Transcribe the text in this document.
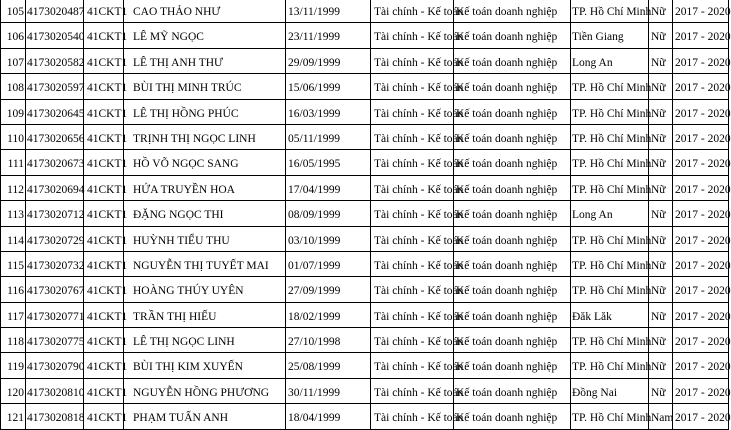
105	4173020487	41CKT1	CAO THẢO NHƯ	13/11/1999	Tài chính - Kế toán	Kế toán doanh nghiệp	TP. Hồ Chí Minh	Nữ	2017 - 2020
106	4173020540	41CKT1	LÊ MỸ NGỌC	23/11/1999	Tài chính - Kế toán	Kế toán doanh nghiệp	Tiền Giang	Nữ	2017 - 2020
107	4173020582	41CKT1	LÊ THỊ ANH THƯ	29/09/1999	Tài chính - Kế toán	Kế toán doanh nghiệp	Long An	Nữ	2017 - 2020
108	4173020597	41CKT1	BÙI THỊ MINH TRÚC	15/06/1999	Tài chính - Kế toán	Kế toán doanh nghiệp	TP. Hồ Chí Minh	Nữ	2017 - 2020
109	4173020645	41CKT1	LÊ THỊ HỒNG PHÚC	16/03/1999	Tài chính - Kế toán	Kế toán doanh nghiệp	TP. Hồ Chí Minh	Nữ	2017 - 2020
110	4173020656	41CKT1	TRỊNH THỊ NGỌC LINH	05/11/1999	Tài chính - Kế toán	Kế toán doanh nghiệp	TP. Hồ Chí Minh	Nữ	2017 - 2020
111	4173020673	41CKT1	HỒ VÕ NGỌC SANG	16/05/1995	Tài chính - Kế toán	Kế toán doanh nghiệp	TP. Hồ Chí Minh	Nữ	2017 - 2020
112	4173020694	41CKT1	HỨA TRUYỀN HOA	17/04/1999	Tài chính - Kế toán	Kế toán doanh nghiệp	TP. Hồ Chí Minh	Nữ	2017 - 2020
113	4173020712	41CKT1	ĐẶNG NGỌC THI	08/09/1999	Tài chính - Kế toán	Kế toán doanh nghiệp	Long An	Nữ	2017 - 2020
114	4173020729	41CKT1	HUỲNH TIỂU THU	03/10/1999	Tài chính - Kế toán	Kế toán doanh nghiệp	TP. Hồ Chí Minh	Nữ	2017 - 2020
115	4173020732	41CKT1	NGUYỄN THỊ TUYẾT MAI	01/07/1999	Tài chính - Kế toán	Kế toán doanh nghiệp	TP. Hồ Chí Minh	Nữ	2017 - 2020
116	4173020767	41CKT1	HOÀNG THÚY UYÊN	27/09/1999	Tài chính - Kế toán	Kế toán doanh nghiệp	TP. Hồ Chí Minh	Nữ	2017 - 2020
117	4173020771	41CKT1	TRẦN THỊ HIẾU	18/02/1999	Tài chính - Kế toán	Kế toán doanh nghiệp	Đăk Lăk	Nữ	2017 - 2020
118	4173020775	41CKT1	LÊ THỊ NGỌC LINH	27/10/1998	Tài chính - Kế toán	Kế toán doanh nghiệp	TP. Hồ Chí Minh	Nữ	2017 - 2020
119	4173020790	41CKT1	BÙI THỊ KIM XUYẾN	25/08/1999	Tài chính - Kế toán	Kế toán doanh nghiệp	TP. Hồ Chí Minh	Nữ	2017 - 2020
120	4173020810	41CKT1	NGUYỄN HỒNG PHƯƠNG	30/11/1999	Tài chính - Kế toán	Kế toán doanh nghiệp	Đồng Nai	Nữ	2017 - 2020
121	4173020818	41CKT1	PHẠM TUẤN ANH	18/04/1999	Tài chính - Kế toán	Kế toán doanh nghiệp	TP. Hồ Chí Minh	Nam	2017 - 2020
